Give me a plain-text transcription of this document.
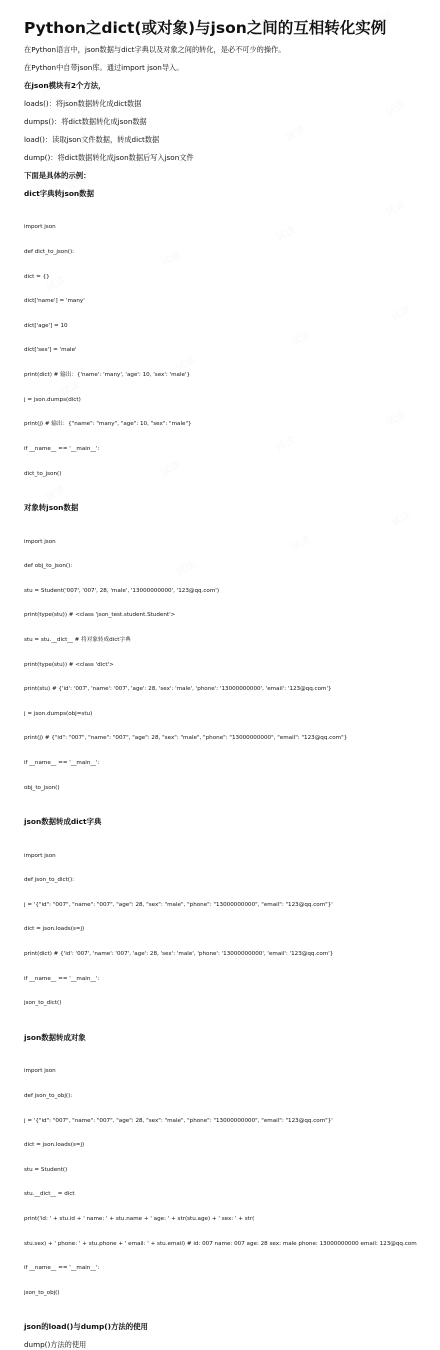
Python之dict(或对象)与json之间的互相转化实例
在Python语言中，json数据与dict字典以及对象之间的转化，是必不可少的操作。
在Python中自带json库。通过import json导入。
在json模块有2个方法，
loads()：将json数据转化成dict数据
dumps()：将dict数据转化成json数据
load()：读取json文件数据，转成dict数据
dump()：将dict数据转化成json数据后写入json文件
下面是具体的示例：
dict字典转json数据

import json

def dict_to_json():

dict = {}

dict['name'] = 'many'

dict['age'] = 10

dict['sex'] = 'male'

print(dict) # 输出：{'name': 'many', 'age': 10, 'sex': 'male'}

j = json.dumps(dict)

print(j) # 输出：{"name": "many", "age": 10, "sex": "male"}

if __name__ == '__main__':

dict_to_json()

对象转json数据

import json

def obj_to_json():

stu = Student('007', '007', 28, 'male', '13000000000', '123@qq.com')

print(type(stu)) # <class 'json_test.student.Student'>

stu = stu.__dict__ # 将对象转成dict字典

print(type(stu)) # <class 'dict'>

print(stu) # {'id': '007', 'name': '007', 'age': 28, 'sex': 'male', 'phone': '13000000000', 'email': '123@qq.com'}

j = json.dumps(obj=stu)

print(j) # {"id": "007", "name": "007", "age": 28, "sex": "male", "phone": "13000000000", "email": "123@qq.com"}

if __name__ == '__main__':

obj_to_json()

json数据转成dict字典

import json

def json_to_dict():

j = '{"id": "007", "name": "007", "age": 28, "sex": "male", "phone": "13000000000", "email": "123@qq.com"}'

dict = json.loads(s=j)

print(dict) # {'id': '007', 'name': '007', 'age': 28, 'sex': 'male', 'phone': '13000000000', 'email': '123@qq.com'}

if __name__ == '__main__':

json_to_dict()

json数据转成对象

import json

def json_to_obj():

j = '{"id": "007", "name": "007", "age": 28, "sex": "male", "phone": "13000000000", "email": "123@qq.com"}'

dict = json.loads(s=j)

stu = Student()

stu.__dict__ = dict

print('id: ' + stu.id + ' name: ' + stu.name + ' age: ' + str(stu.age) + ' sex: ' + str(

stu.sex) + ' phone: ' + stu.phone + ' email: ' + stu.email) # id: 007 name: 007 age: 28 sex: male phone: 13000000000 email: 123@qq.com

if __name__ == '__main__':

json_to_obj()

json的load()与dump()方法的使用
dump()方法的使用
